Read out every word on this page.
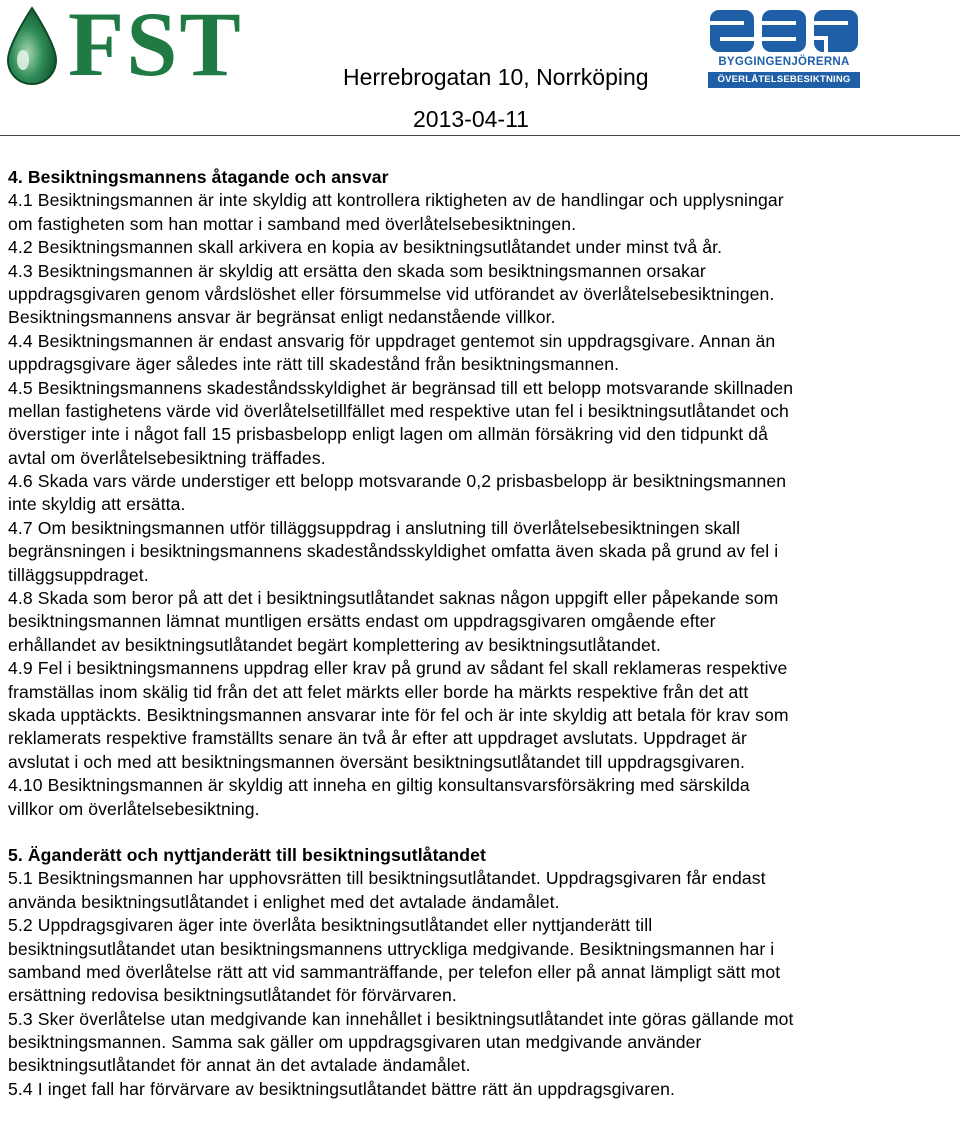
FST	Herrebrogatan 10, Norrköping
2013-04-11
BYGGINGENJÖRERNA
ÖVERLÅTELSEBESIKTNING
4. Besiktningsmannens åtagande och ansvar
4.1 Besiktningsmannen är inte skyldig att kontrollera riktigheten av de handlingar och upplysningar
om fastigheten som han mottar i samband med överlåtelsebesiktningen.
4.2 Besiktningsmannen skall arkivera en kopia av besiktningsutlåtandet under minst två år.
4.3 Besiktningsmannen är skyldig att ersätta den skada som besiktningsmannen orsakar
uppdragsgivaren genom vårdslöshet eller försummelse vid utförandet av överlåtelsebesiktningen.
Besiktningsmannens ansvar är begränsat enligt nedanstående villkor.
4.4 Besiktningsmannen är endast ansvarig för uppdraget gentemot sin uppdragsgivare. Annan än
uppdragsgivare äger således inte rätt till skadestånd från besiktningsmannen.
4.5 Besiktningsmannens skadeståndsskyldighet är begränsad till ett belopp motsvarande skillnaden
mellan fastighetens värde vid överlåtelsetillfället med respektive utan fel i besiktningsutlåtandet och
överstiger inte i något fall 15 prisbasbelopp enligt lagen om allmän försäkring vid den tidpunkt då
avtal om överlåtelsebesiktning träffades.
4.6 Skada vars värde understiger ett belopp motsvarande 0,2 prisbasbelopp är besiktningsmannen
inte skyldig att ersätta.
4.7 Om besiktningsmannen utför tilläggsuppdrag i anslutning till överlåtelsebesiktningen skall
begränsningen i besiktningsmannens skadeståndsskyldighet omfatta även skada på grund av fel i
tilläggsuppdraget.
4.8 Skada som beror på att det i besiktningsutlåtandet saknas någon uppgift eller påpekande som
besiktningsmannen lämnat muntligen ersätts endast om uppdragsgivaren omgående efter
erhållandet av besiktningsutlåtandet begärt komplettering av besiktningsutlåtandet.
4.9 Fel i besiktningsmannens uppdrag eller krav på grund av sådant fel skall reklameras respektive
framställas inom skälig tid från det att felet märkts eller borde ha märkts respektive från det att
skada upptäckts. Besiktningsmannen ansvarar inte för fel och är inte skyldig att betala för krav som
reklamerats respektive framställts senare än två år efter att uppdraget avslutats. Uppdraget är
avslutat i och med att besiktningsmannen översänt besiktningsutlåtandet till uppdragsgivaren.
4.10 Besiktningsmannen är skyldig att inneha en giltig konsultansvarsförsäkring med särskilda
villkor om överlåtelsebesiktning.
5. Äganderätt och nyttjanderätt till besiktningsutlåtandet
5.1 Besiktningsmannen har upphovsrätten till besiktningsutlåtandet. Uppdragsgivaren får endast
använda besiktningsutlåtandet i enlighet med det avtalade ändamålet.
5.2 Uppdragsgivaren äger inte överlåta besiktningsutlåtandet eller nyttjanderätt till
besiktningsutlåtandet utan besiktningsmannens uttryckliga medgivande. Besiktningsmannen har i
samband med överlåtelse rätt att vid sammanträffande, per telefon eller på annat lämpligt sätt mot
ersättning redovisa besiktningsutlåtandet för förvärvaren.
5.3 Sker överlåtelse utan medgivande kan innehållet i besiktningsutlåtandet inte göras gällande mot
besiktningsmannen. Samma sak gäller om uppdragsgivaren utan medgivande använder
besiktningsutlåtandet för annat än det avtalade ändamålet.
5.4 I inget fall har förvärvare av besiktningsutlåtandet bättre rätt än uppdragsgivaren.
